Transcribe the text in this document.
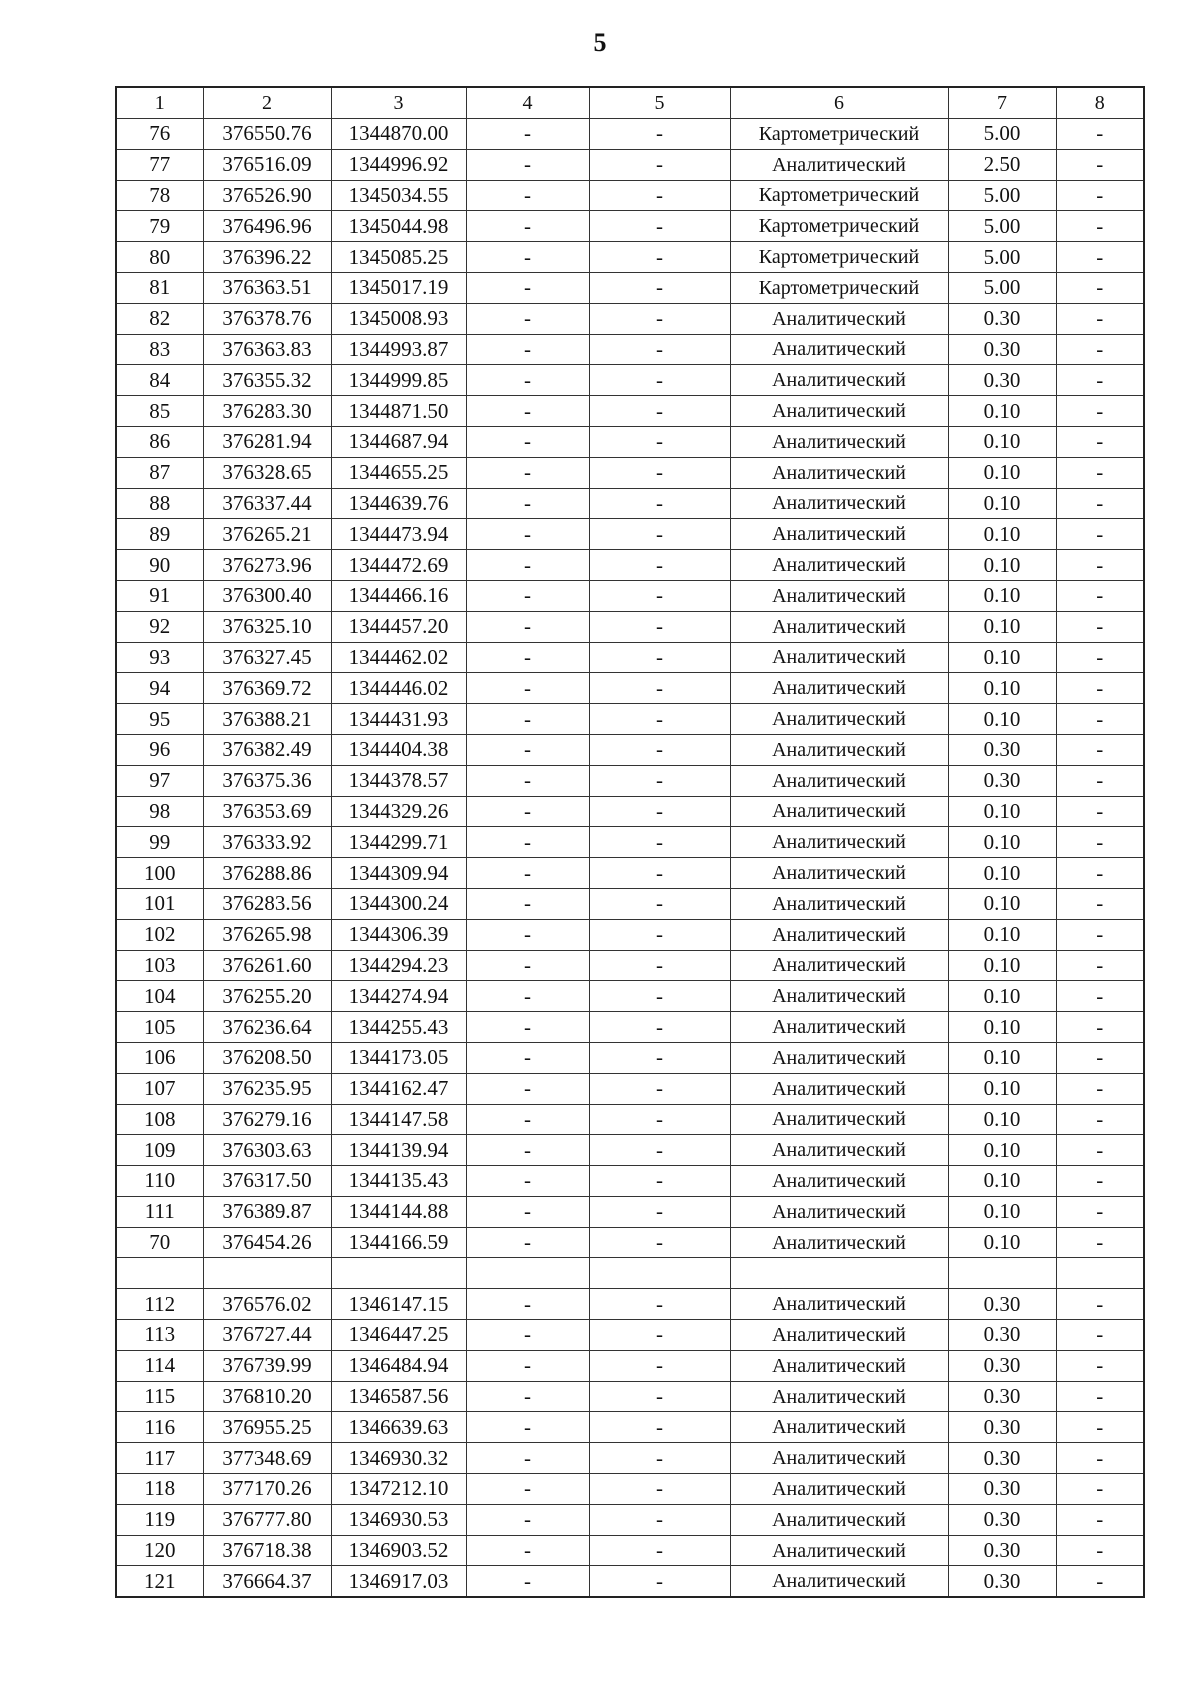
5
1	2	3	4	5	6	7	8
76	376550.76	1344870.00	-	-	Картометрический	5.00	-
77	376516.09	1344996.92	-	-	Аналитический	2.50	-
78	376526.90	1345034.55	-	-	Картометрический	5.00	-
79	376496.96	1345044.98	-	-	Картометрический	5.00	-
80	376396.22	1345085.25	-	-	Картометрический	5.00	-
81	376363.51	1345017.19	-	-	Картометрический	5.00	-
82	376378.76	1345008.93	-	-	Аналитический	0.30	-
83	376363.83	1344993.87	-	-	Аналитический	0.30	-
84	376355.32	1344999.85	-	-	Аналитический	0.30	-
85	376283.30	1344871.50	-	-	Аналитический	0.10	-
86	376281.94	1344687.94	-	-	Аналитический	0.10	-
87	376328.65	1344655.25	-	-	Аналитический	0.10	-
88	376337.44	1344639.76	-	-	Аналитический	0.10	-
89	376265.21	1344473.94	-	-	Аналитический	0.10	-
90	376273.96	1344472.69	-	-	Аналитический	0.10	-
91	376300.40	1344466.16	-	-	Аналитический	0.10	-
92	376325.10	1344457.20	-	-	Аналитический	0.10	-
93	376327.45	1344462.02	-	-	Аналитический	0.10	-
94	376369.72	1344446.02	-	-	Аналитический	0.10	-
95	376388.21	1344431.93	-	-	Аналитический	0.10	-
96	376382.49	1344404.38	-	-	Аналитический	0.30	-
97	376375.36	1344378.57	-	-	Аналитический	0.30	-
98	376353.69	1344329.26	-	-	Аналитический	0.10	-
99	376333.92	1344299.71	-	-	Аналитический	0.10	-
100	376288.86	1344309.94	-	-	Аналитический	0.10	-
101	376283.56	1344300.24	-	-	Аналитический	0.10	-
102	376265.98	1344306.39	-	-	Аналитический	0.10	-
103	376261.60	1344294.23	-	-	Аналитический	0.10	-
104	376255.20	1344274.94	-	-	Аналитический	0.10	-
105	376236.64	1344255.43	-	-	Аналитический	0.10	-
106	376208.50	1344173.05	-	-	Аналитический	0.10	-
107	376235.95	1344162.47	-	-	Аналитический	0.10	-
108	376279.16	1344147.58	-	-	Аналитический	0.10	-
109	376303.63	1344139.94	-	-	Аналитический	0.10	-
110	376317.50	1344135.43	-	-	Аналитический	0.10	-
111	376389.87	1344144.88	-	-	Аналитический	0.10	-
70	376454.26	1344166.59	-	-	Аналитический	0.10	-

112	376576.02	1346147.15	-	-	Аналитический	0.30	-
113	376727.44	1346447.25	-	-	Аналитический	0.30	-
114	376739.99	1346484.94	-	-	Аналитический	0.30	-
115	376810.20	1346587.56	-	-	Аналитический	0.30	-
116	376955.25	1346639.63	-	-	Аналитический	0.30	-
117	377348.69	1346930.32	-	-	Аналитический	0.30	-
118	377170.26	1347212.10	-	-	Аналитический	0.30	-
119	376777.80	1346930.53	-	-	Аналитический	0.30	-
120	376718.38	1346903.52	-	-	Аналитический	0.30	-
121	376664.37	1346917.03	-	-	Аналитический	0.30	-
